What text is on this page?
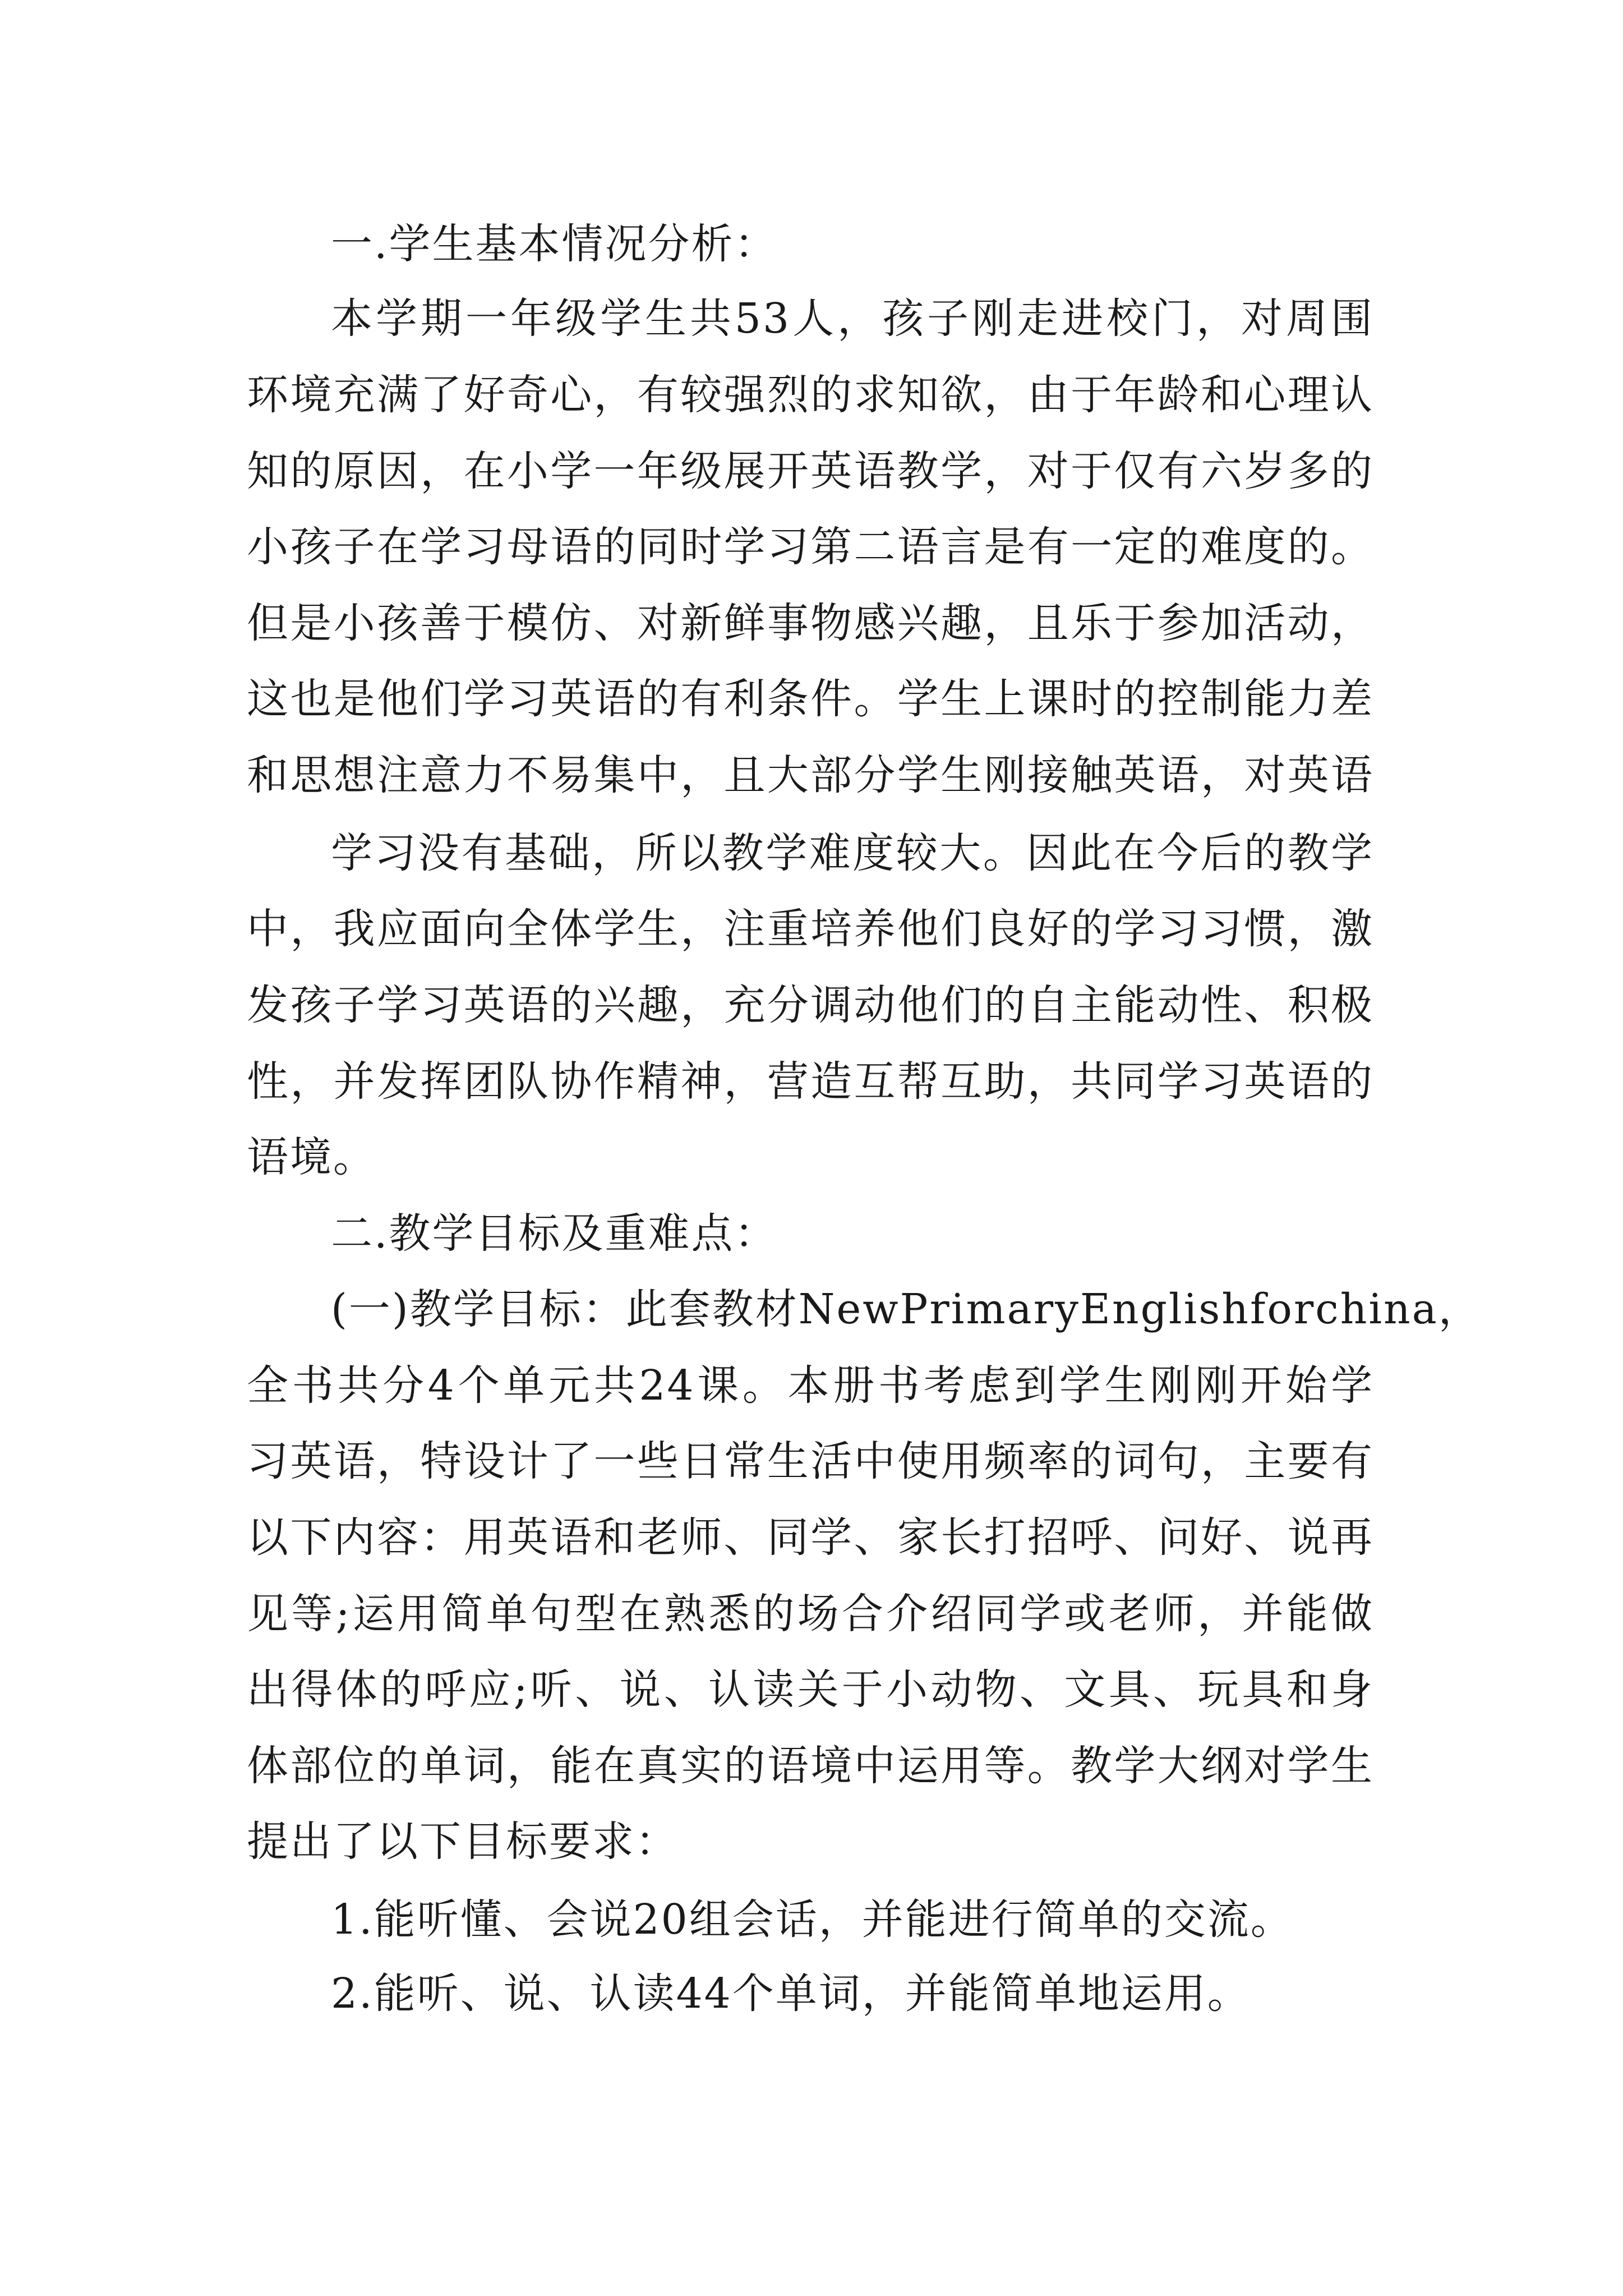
一.学生基本情况分析：
本学期一年级学生共53人，孩子刚走进校门，对周围
环境充满了好奇心，有较强烈的求知欲，由于年龄和心理认
知的原因，在小学一年级展开英语教学，对于仅有六岁多的
小孩子在学习母语的同时学习第二语言是有一定的难度的。
但是小孩善于模仿、对新鲜事物感兴趣，且乐于参加活动，
这也是他们学习英语的有利条件。学生上课时的控制能力差
和思想注意力不易集中，且大部分学生刚接触英语，对英语
学习没有基础，所以教学难度较大。因此在今后的教学
中，我应面向全体学生，注重培养他们良好的学习习惯，激
发孩子学习英语的兴趣，充分调动他们的自主能动性、积极
性，并发挥团队协作精神，营造互帮互助，共同学习英语的
语境。
二.教学目标及重难点：
(一)教学目标：此套教材NewPrimaryEnglishforchina，
全书共分4个单元共24课。本册书考虑到学生刚刚开始学
习英语，特设计了一些日常生活中使用频率的词句，主要有
以下内容：用英语和老师、同学、家长打招呼、问好、说再
见等;运用简单句型在熟悉的场合介绍同学或老师，并能做
出得体的呼应;听、说、认读关于小动物、文具、玩具和身
体部位的单词，能在真实的语境中运用等。教学大纲对学生
提出了以下目标要求：
1.能听懂、会说20组会话，并能进行简单的交流。
2.能听、说、认读44个单词，并能简单地运用。
